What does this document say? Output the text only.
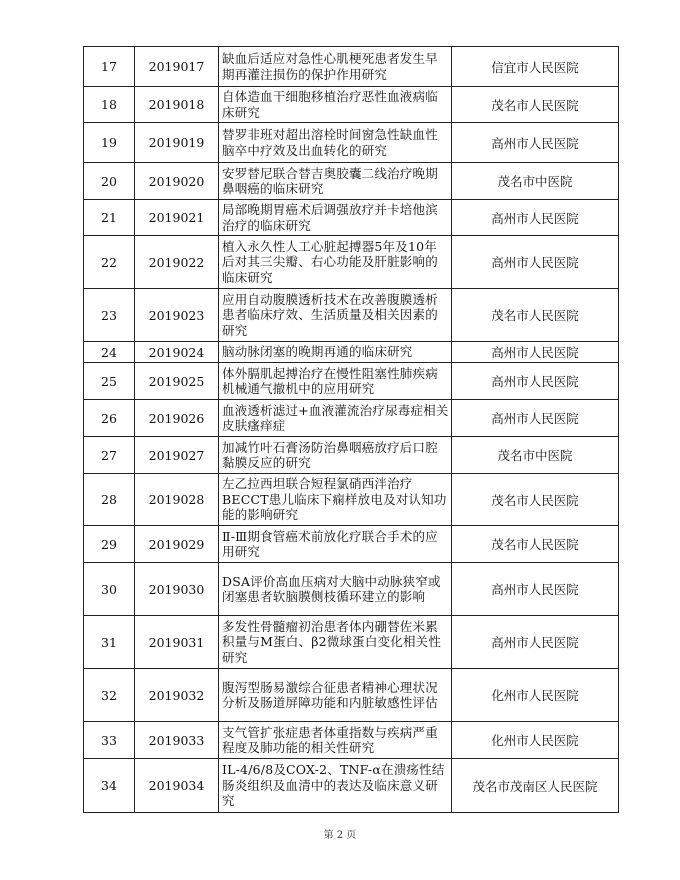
17	2019017	缺血后适应对急性心肌梗死患者发生早期再灌注损伤的保护作用研究	信宜市人民医院
18	2019018	自体造血干细胞移植治疗恶性血液病临床研究	茂名市人民医院
19	2019019	替罗非班对超出溶栓时间窗急性缺血性脑卒中疗效及出血转化的研究	高州市人民医院
20	2019020	安罗替尼联合替吉奥胶囊二线治疗晚期鼻咽癌的临床研究	茂名市中医院
21	2019021	局部晚期胃癌术后调强放疗并卡培他滨治疗的临床研究	高州市人民医院
22	2019022	植入永久性人工心脏起搏器5年及10年后对其三尖瓣、右心功能及肝脏影响的临床研究	高州市人民医院
23	2019023	应用自动腹膜透析技术在改善腹膜透析患者临床疗效、生活质量及相关因素的研究	茂名市人民医院
24	2019024	脑动脉闭塞的晚期再通的临床研究	高州市人民医院
25	2019025	体外膈肌起搏治疗在慢性阻塞性肺疾病机械通气撤机中的应用研究	高州市人民医院
26	2019026	血液透析滤过+血液灌流治疗尿毒症相关皮肤瘙痒症	高州市人民医院
27	2019027	加减竹叶石膏汤防治鼻咽癌放疗后口腔黏膜反应的研究	茂名市中医院
28	2019028	左乙拉西坦联合短程氯硝西泮治疗BECCT患儿临床下痫样放电及对认知功能的影响研究	茂名市人民医院
29	2019029	Ⅱ-Ⅲ期食管癌术前放化疗联合手术的应用研究	茂名市人民医院
30	2019030	DSA评价高血压病对大脑中动脉狭窄或闭塞患者软脑膜侧枝循环建立的影响	高州市人民医院
31	2019031	多发性骨髓瘤初治患者体内硼替佐米累积量与M蛋白、β2微球蛋白变化相关性研究	高州市人民医院
32	2019032	腹泻型肠易激综合征患者精神心理状况分析及肠道屏障功能和内脏敏感性评估	化州市人民医院
33	2019033	支气管扩张症患者体重指数与疾病严重程度及肺功能的相关性研究	化州市人民医院
34	2019034	IL-4/6/8及COX-2、TNF-α在溃疡性结肠炎组织及血清中的表达及临床意义研究	茂名市茂南区人民医院
第 2 页
